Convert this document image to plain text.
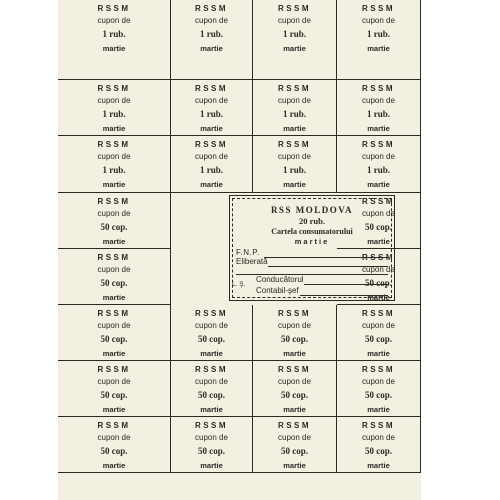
RSSM
cupon de
1 rub.
martie
RSSM
cupon de
1 rub.
martie
RSSM
cupon de
1 rub.
martie
RSSM
cupon de
1 rub.
martie
RSSM
cupon de
1 rub.
martie
RSSM
cupon de
1 rub.
martie
RSSM
cupon de
1 rub.
martie
RSSM
cupon de
1 rub.
martie
RSSM
cupon de
1 rub.
martie
RSSM
cupon de
1 rub.
martie
RSSM
cupon de
1 rub.
martie
RSSM
cupon de
1 rub.
martie
RSSM
cupon de
50 cop.
martie
RSSM
cupon de
50 cop.
martie
RSSM
cupon de
50 cop.
martie
RSSM
cupon de
50 cop.
martie
RSSM
cupon de
50 cop.
martie
RSSM
cupon de
50 cop.
martie
RSSM
cupon de
50 cop.
martie
RSSM
cupon de
50 cop.
martie
RSSM
cupon de
50 cop.
martie
RSSM
cupon de
50 cop.
martie
RSSM
cupon de
50 cop.
martie
RSSM
cupon de
50 cop.
martie
RSSM
cupon de
50 cop.
martie
RSSM
cupon de
50 cop.
martie
RSSM
cupon de
50 cop.
martie
RSSM
cupon de
50 cop.
martie
RSS MOLDOVA
20 rub.
Cartela consumatorului
martie
F.N.P.
Eliberată
L. Ş.
Conducătorul
Contabil-şef
